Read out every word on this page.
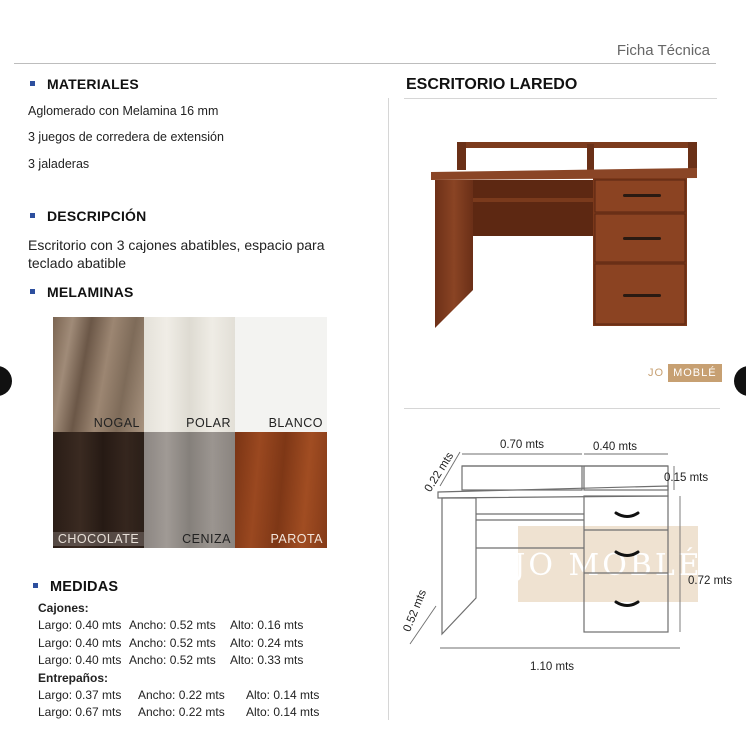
Ficha Técnica
MATERIALES
Aglomerado con Melamina 16 mm
3 juegos de corredera de extensión
3 jaladeras
DESCRIPCIÓN
Escritorio con 3 cajones abatibles, espacio para teclado abatible
MELAMINAS
NOGAL	POLAR	BLANCO
CHOCOLATE	CENIZA	PAROTA
MEDIDAS
Cajones:
Largo: 0.40 mts Ancho: 0.52 mts Alto: 0.16 mts
Largo: 0.40 mts Ancho: 0.52 mts Alto: 0.24 mts
Largo: 0.40 mts Ancho: 0.52 mts Alto: 0.33 mts
Entrepaños:
Largo: 0.37 mts Ancho: 0.22 mts Alto: 0.14 mts
Largo: 0.67 mts Ancho: 0.22 mts Alto: 0.14 mts
ESCRITORIO LAREDO
JO MOBLÉ
JO MOBLÉ
0.70 mts	0.40 mts
0.22 mts	0.15 mts
0.72 mts
0.52 mts
1.10 mts
